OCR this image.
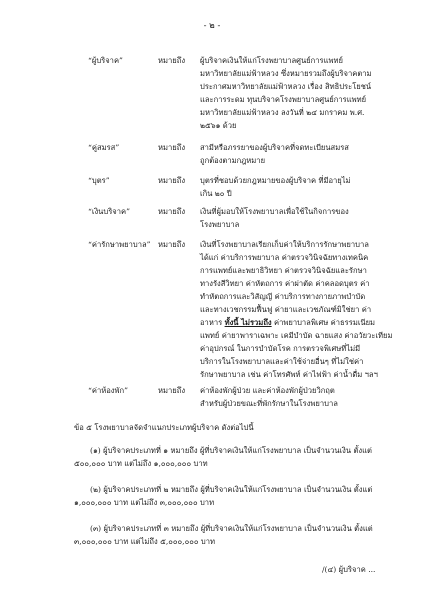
- ๒ -
“ผู้บริจาค”	หมายถึง ผู้บริจาคเงินให้แก่โรงพยาบาลศูนย์การแพทย์
มหาวิทยาลัยแม่ฟ้าหลวง ซึ่งหมายรวมถึงผู้บริจาคตาม
ประกาศมหาวิทยาลัยแม่ฟ้าหลวง เรื่อง สิทธิประโยชน์
และการระดม ทุนบริจาคโรงพยาบาลศูนย์การแพทย์
มหาวิทยาลัยแม่ฟ้าหลวง ลงวันที่ ๒๔ มกราคม พ.ศ.
๒๕๖๑ ด้วย
“คู่สมรส”	หมายถึง สามีหรือภรรยาของผู้บริจาคที่จดทะเบียนสมรส
ถูกต้องตามกฎหมาย
“บุตร”	หมายถึง บุตรที่ชอบด้วยกฎหมายของผู้บริจาค ที่มีอายุไม่
เกิน ๒๐ ปี
“เงินบริจาค”	หมายถึง เงินที่ผู้มอบให้โรงพยาบาลเพื่อใช้ในกิจการของ
โรงพยาบาล
“ค่ารักษาพยาบาล” หมายถึง เงินที่โรงพยาบาลเรียกเก็บค่าให้บริการรักษาพยาบาล
ได้แก่ ค่าบริการพยาบาล ค่าตรวจวินิจฉัยทางเทคนิค
การแพทย์และพยาธิวิทยา ค่าตรวจวินิจฉัยและรักษา
ทางรังสีวิทยา ค่าหัตถการ ค่าผ่าตัด ค่าคลอดบุตร ค่า
ทำหัตถการและวิสัญญี ค่าบริการทางกายภาพบำบัด
และทางเวชกรรมฟื้นฟู ค่ายาและเวชภัณฑ์มิใช่ยา ค่า
อาหาร ทั้งนี้ ไม่รวมถึง ค่าพยาบาลพิเศษ ค่าธรรมเนียม
แพทย์ ค่ายาพาราเฉพาะ เคมีบำบัด ฉายแสง ค่าอวัยวะเทียม
ค่าอุปกรณ์ ในการบำบัดโรค การตรวจพิเศษที่ไม่มี
บริการในโรงพยาบาลและค่าใช้จ่ายอื่นๆ ที่ไม่ใช่ค่า
รักษาพยาบาล เช่น ค่าโทรศัพท์ ค่าไฟฟ้า ค่าน้ำดื่ม ฯลฯ
“ค่าห้องพัก”	หมายถึง ค่าห้องพักผู้ป่วย และค่าห้องพักผู้ป่วยวิกฤต
สำหรับผู้ป่วยขณะที่พักรักษาในโรงพยาบาล
ข้อ ๕ โรงพยาบาลจัดจำแนกประเภทผู้บริจาค ดังต่อไปนี้
(๑) ผู้บริจาคประเภทที่ ๑ หมายถึง ผู้ที่บริจาคเงินให้แก่โรงพยาบาล เป็นจำนวนเงิน ตั้งแต่
๕๐๐,๐๐๐ บาท แต่ไม่ถึง ๑,๐๐๐,๐๐๐ บาท
(๒) ผู้บริจาคประเภทที่ ๒ หมายถึง ผู้ที่บริจาคเงินให้แก่โรงพยาบาล เป็นจำนวนเงิน ตั้งแต่
๑,๐๐๐,๐๐๐ บาท แต่ไม่ถึง ๓,๐๐๐,๐๐๐ บาท
(๓) ผู้บริจาคประเภทที่ ๓ หมายถึง ผู้ที่บริจาคเงินให้แก่โรงพยาบาล เป็นจำนวนเงิน ตั้งแต่
๓,๐๐๐,๐๐๐ บาท แต่ไม่ถึง ๕,๐๐๐,๐๐๐ บาท
/(๔) ผู้บริจาค ...
